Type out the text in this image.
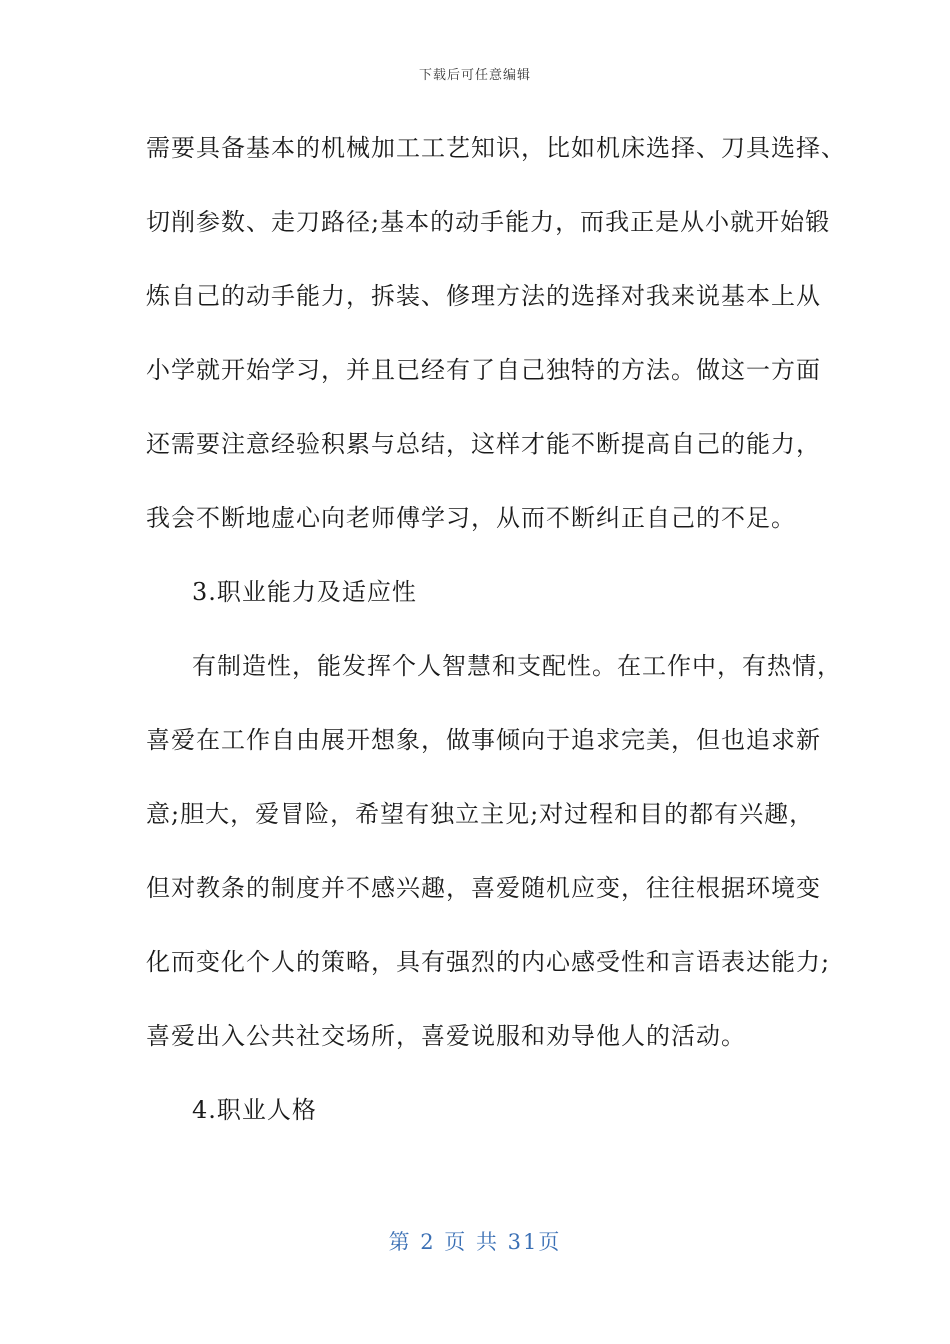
下载后可任意编辑
需要具备基本的机械加工工艺知识，比如机床选择、刀具选择、
切削参数、走刀路径;基本的动手能力，而我正是从小就开始锻
炼自己的动手能力，拆装、修理方法的选择对我来说基本上从
小学就开始学习，并且已经有了自己独特的方法。做这一方面
还需要注意经验积累与总结，这样才能不断提高自己的能力，
我会不断地虚心向老师傅学习，从而不断纠正自己的不足。
3.职业能力及适应性
有制造性，能发挥个人智慧和支配性。在工作中，有热情，
喜爱在工作自由展开想象，做事倾向于追求完美，但也追求新
意;胆大，爱冒险，希望有独立主见;对过程和目的都有兴趣，
但对教条的制度并不感兴趣，喜爱随机应变，往往根据环境变
化而变化个人的策略，具有强烈的内心感受性和言语表达能力;
喜爱出入公共社交场所，喜爱说服和劝导他人的活动。
4.职业人格
第 2 页 共 31页
